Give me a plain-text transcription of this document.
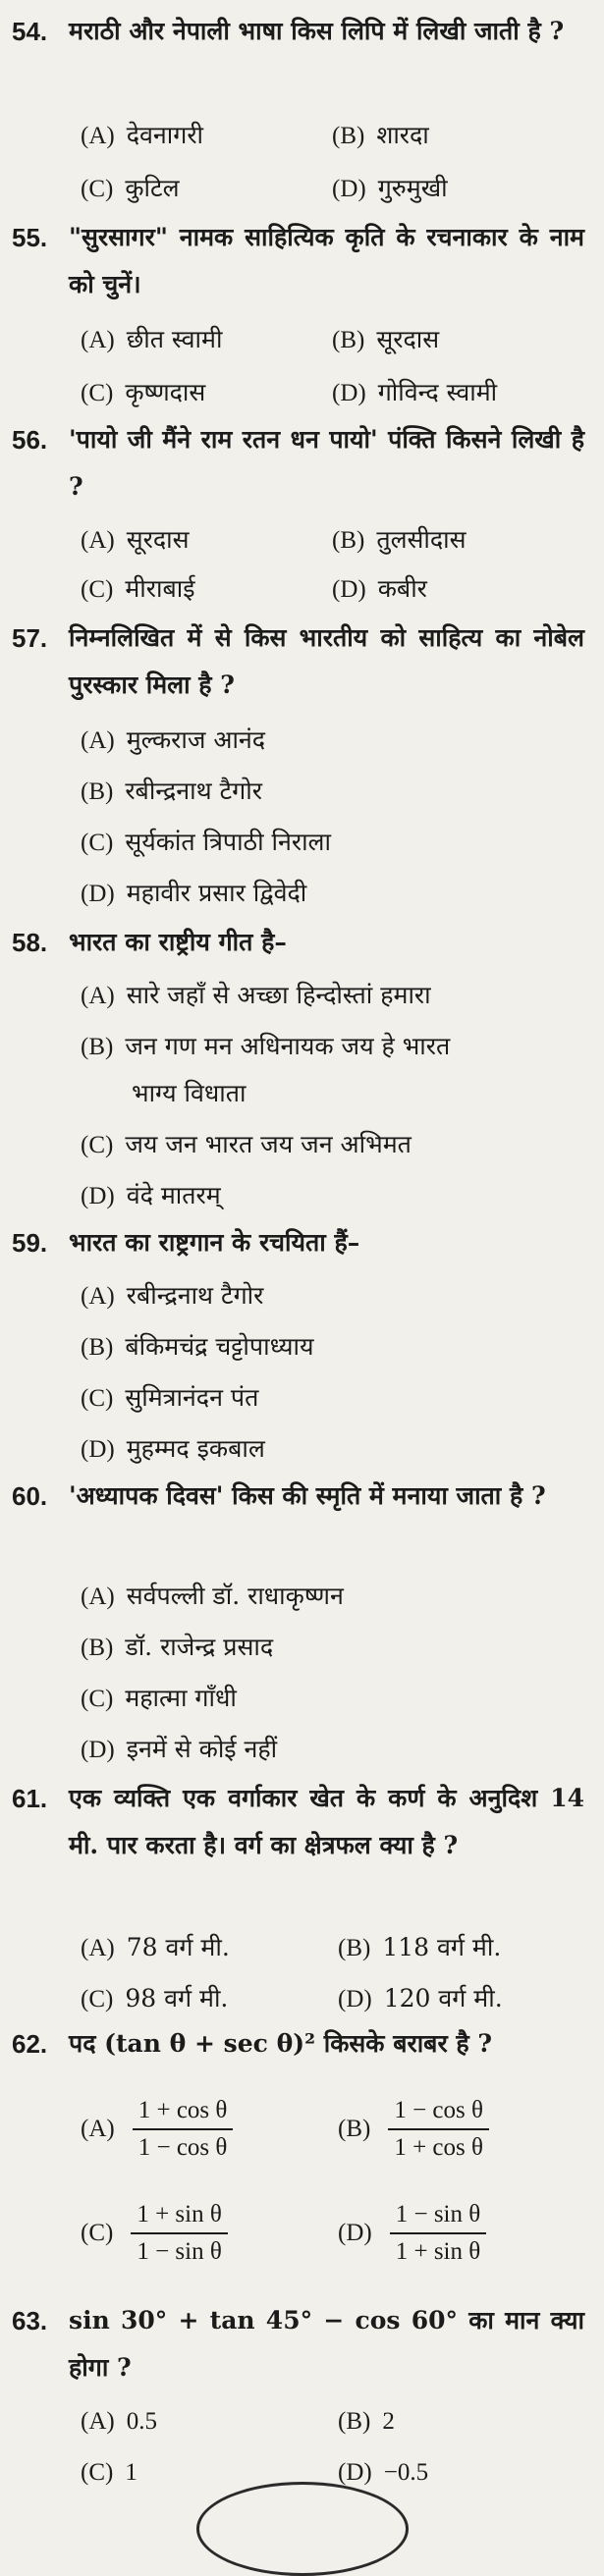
54. मराठी और नेपाली भाषा किस लिपि में लिखी जाती है ?
(A) देवनागरी	(B) शारदा
(C) कुटिल	(D) गुरुमुखी
55. "सुरसागर" नामक साहित्यिक कृति के रचनाकार के नाम को चुनें।
(A) छीत स्वामी	(B) सूरदास
(C) कृष्णदास	(D) गोविन्द स्वामी
56. 'पायो जी मैंने राम रतन धन पायो' पंक्ति किसने लिखी है ?
(A) सूरदास	(B) तुलसीदास
(C) मीराबाई	(D) कबीर
57. निम्नलिखित में से किस भारतीय को साहित्य का नोबेल पुरस्कार मिला है ?
(A) मुल्कराज आनंद
(B) रबीन्द्रनाथ टैगोर
(C) सूर्यकांत त्रिपाठी निराला
(D) महावीर प्रसार द्विवेदी
58. भारत का राष्ट्रीय गीत है–
(A) सारे जहाँ से अच्छा हिन्दोस्तां हमारा
(B) जन गण मन अधिनायक जय हे भारत
भाग्य विधाता
(C) जय जन भारत जय जन अभिमत
(D) वंदे मातरम्
59. भारत का राष्ट्रगान के रचयिता हैं–
(A) रबीन्द्रनाथ टैगोर
(B) बंकिमचंद्र चट्टोपाध्याय
(C) सुमित्रानंदन पंत
(D) मुहम्मद इकबाल
60. 'अध्यापक दिवस' किस की स्मृति में मनाया जाता है ?
(A) सर्वपल्ली डॉ. राधाकृष्णन
(B) डॉ. राजेन्द्र प्रसाद
(C) महात्मा गाँधी
(D) इनमें से कोई नहीं
61. एक व्यक्ति एक वर्गाकार खेत के कर्ण के अनुदिश 14 मी. पार करता है। वर्ग का क्षेत्रफल क्या है ?
(A) 78 वर्ग मी.	(B) 118 वर्ग मी.
(C) 98 वर्ग मी.	(D) 120 वर्ग मी.
62. पद (tan θ + sec θ)² किसके बराबर है ?
$(A) \frac{\text{1 + cos θ}}{\text{1 − cos θ}}$	$(B) \frac{\text{1 − cos θ}}{\text{1 + cos θ}}$
$(C) \frac{\text{1 + sin θ}}{\text{1 − sin θ}}$	$(D) \frac{\text{1 − sin θ}}{\text{1 + sin θ}}$
63. sin 30° + tan 45° − cos 60° का मान क्या होगा ?
(A) 0.5	(B) 2
(C) 1	(D) −0.5
